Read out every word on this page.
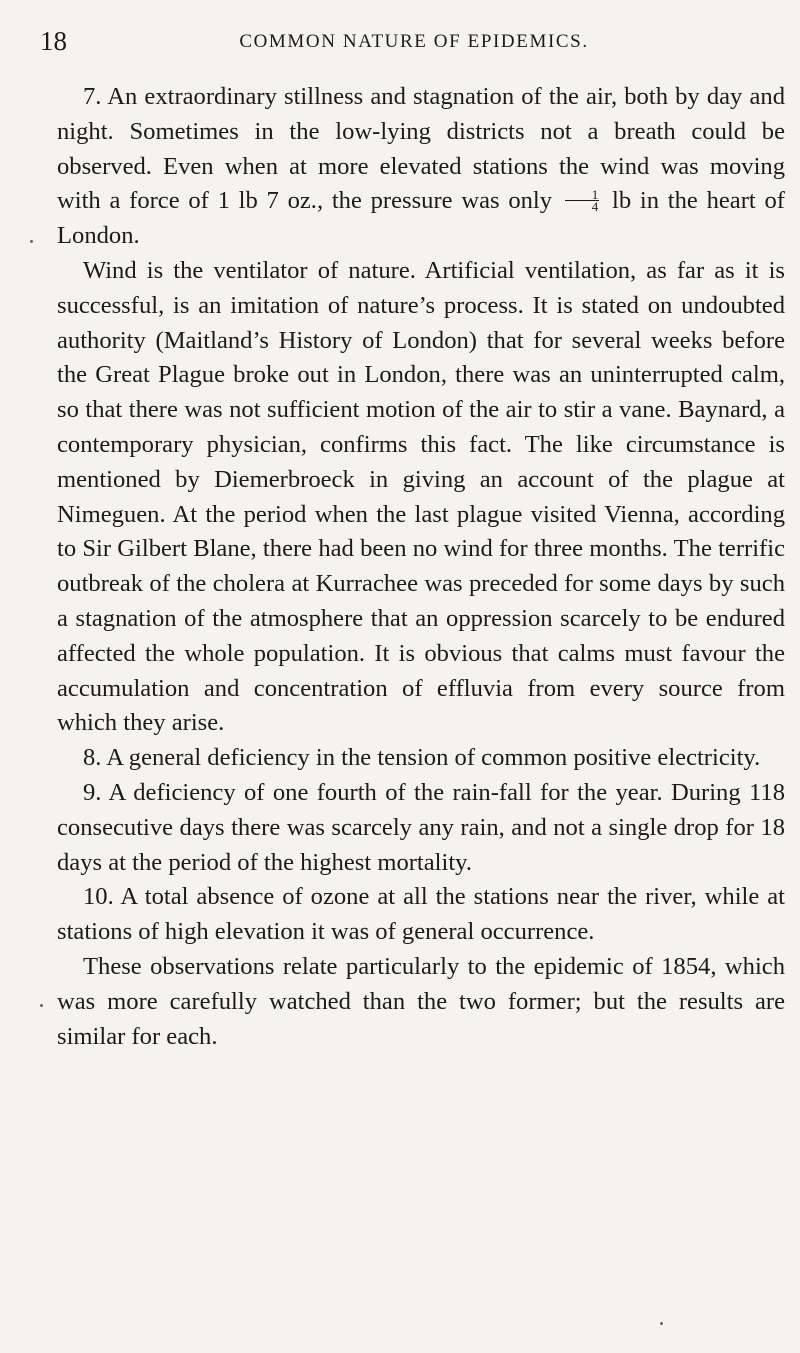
18	COMMON NATURE OF EPIDEMICS.

7. An extraordinary stillness and stagnation of the air, both by day and night. Sometimes in the low-lying districts not a breath could be observed. Even when at more elevated stations the wind was moving with a force of 1 lb 7 oz., the pressure was only $\frac{1}{4}$ lb in the heart of London.

Wind is the ventilator of nature. Artificial ventilation, as far as it is successful, is an imitation of nature’s process. It is stated on undoubted authority (Maitland’s History of London) that for several weeks before the Great Plague broke out in London, there was an uninterrupted calm, so that there was not sufficient motion of the air to stir a vane. Baynard, a contemporary physician, confirms this fact. The like circumstance is mentioned by Diemerbroeck in giving an account of the plague at Nimeguen. At the period when the last plague visited Vienna, according to Sir Gilbert Blane, there had been no wind for three months. The terrific outbreak of the cholera at Kurrachee was preceded for some days by such a stagnation of the atmosphere that an oppression scarcely to be endured affected the whole population. It is obvious that calms must favour the accumulation and concentration of effluvia from every source from which they arise.

8. A general deficiency in the tension of common positive electricity.

9. A deficiency of one fourth of the rain-fall for the year. During 118 consecutive days there was scarcely any rain, and not a single drop for 18 days at the period of the highest mortality.

10. A total absence of ozone at all the stations near the river, while at stations of high elevation it was of general occurrence.

These observations relate particularly to the epidemic of 1854, which was more carefully watched than the two former; but the results are similar for each.
